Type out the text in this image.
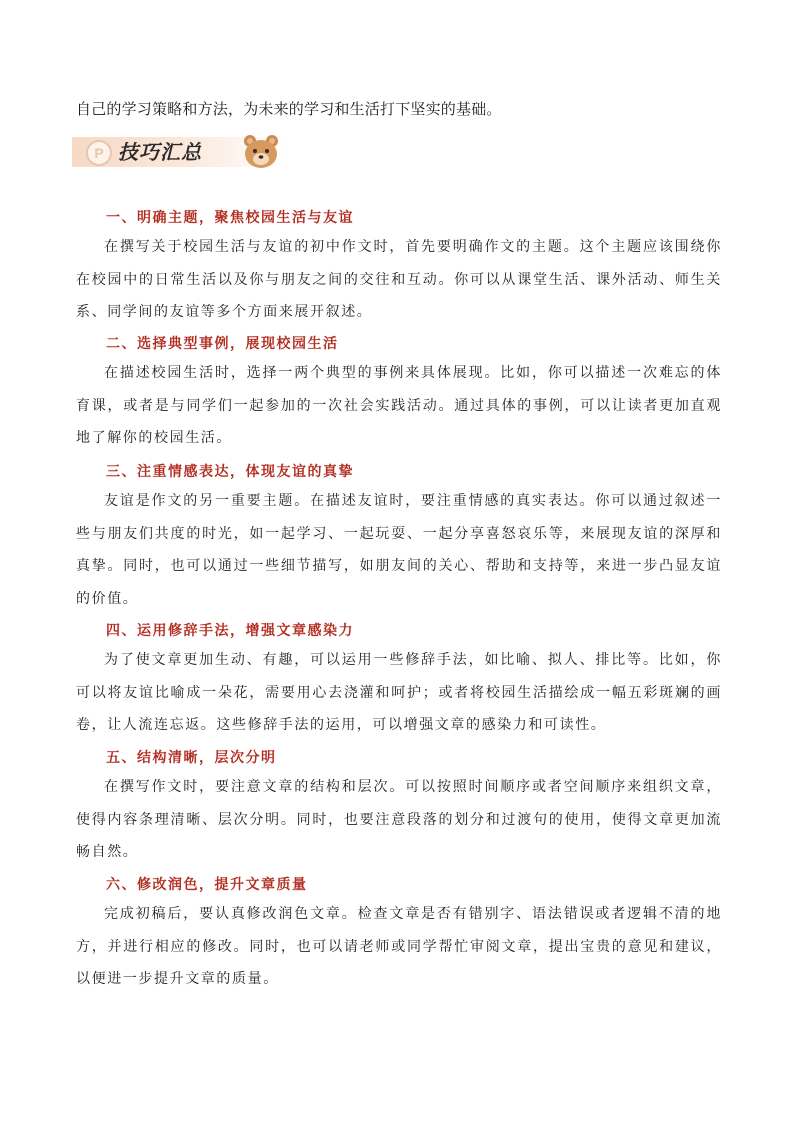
自己的学习策略和方法，为未来的学习和生活打下坚实的基础。
P 技巧汇总
一、明确主题，聚焦校园生活与友谊
在撰写关于校园生活与友谊的初中作文时，首先要明确作文的主题。这个主题应该围绕你在校园中的日常生活以及你与朋友之间的交往和互动。你可以从课堂生活、课外活动、师生关系、同学间的友谊等多个方面来展开叙述。
二、选择典型事例，展现校园生活
在描述校园生活时，选择一两个典型的事例来具体展现。比如，你可以描述一次难忘的体育课，或者是与同学们一起参加的一次社会实践活动。通过具体的事例，可以让读者更加直观地了解你的校园生活。
三、注重情感表达，体现友谊的真挚
友谊是作文的另一重要主题。在描述友谊时，要注重情感的真实表达。你可以通过叙述一些与朋友们共度的时光，如一起学习、一起玩耍、一起分享喜怒哀乐等，来展现友谊的深厚和真挚。同时，也可以通过一些细节描写，如朋友间的关心、帮助和支持等，来进一步凸显友谊的价值。
四、运用修辞手法，增强文章感染力
为了使文章更加生动、有趣，可以运用一些修辞手法，如比喻、拟人、排比等。比如，你可以将友谊比喻成一朵花，需要用心去浇灌和呵护；或者将校园生活描绘成一幅五彩斑斓的画卷，让人流连忘返。这些修辞手法的运用，可以增强文章的感染力和可读性。
五、结构清晰，层次分明
在撰写作文时，要注意文章的结构和层次。可以按照时间顺序或者空间顺序来组织文章，使得内容条理清晰、层次分明。同时，也要注意段落的划分和过渡句的使用，使得文章更加流畅自然。
六、修改润色，提升文章质量
完成初稿后，要认真修改润色文章。检查文章是否有错别字、语法错误或者逻辑不清的地方，并进行相应的修改。同时，也可以请老师或同学帮忙审阅文章，提出宝贵的意见和建议，以便进一步提升文章的质量。
